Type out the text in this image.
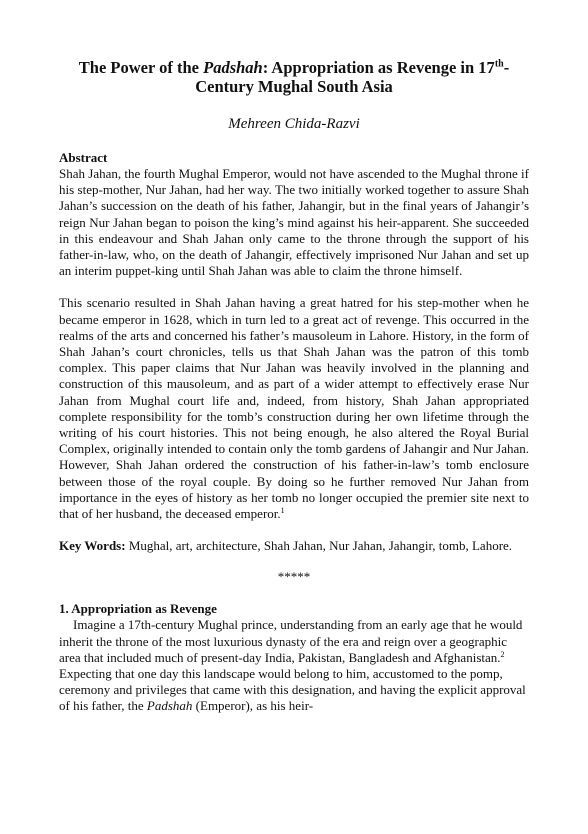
The Power of the Padshah: Appropriation as Revenge in 17th-Century Mughal South Asia
Mehreen Chida-Razvi
Abstract

Shah Jahan, the fourth Mughal Emperor, would not have ascended to the Mughal throne if his step-mother, Nur Jahan, had her way. The two initially worked together to assure Shah Jahan’s succession on the death of his father, Jahangir, but in the final years of Jahangir’s reign Nur Jahan began to poison the king’s mind against his heir-apparent. She succeeded in this endeavour and Shah Jahan only came to the throne through the support of his father-in-law, who, on the death of Jahangir, effectively imprisoned Nur Jahan and set up an interim puppet-king until Shah Jahan was able to claim the throne himself.

This scenario resulted in Shah Jahan having a great hatred for his step-mother when he became emperor in 1628, which in turn led to a great act of revenge. This occurred in the realms of the arts and concerned his father’s mausoleum in Lahore. History, in the form of Shah Jahan’s court chronicles, tells us that Shah Jahan was the patron of this tomb complex. This paper claims that Nur Jahan was heavily involved in the planning and construction of this mausoleum, and as part of a wider attempt to effectively erase Nur Jahan from Mughal court life and, indeed, from history, Shah Jahan appropriated complete responsibility for the tomb’s construction during her own lifetime through the writing of his court histories. This not being enough, he also altered the Royal Burial Complex, originally intended to contain only the tomb gardens of Jahangir and Nur Jahan. However, Shah Jahan ordered the construction of his father-in-law’s tomb enclosure between those of the royal couple. By doing so he further removed Nur Jahan from importance in the eyes of history as her tomb no longer occupied the premier site next to that of her husband, the deceased emperor.$^1$

Key Words: Mughal, art, architecture, Shah Jahan, Nur Jahan, Jahangir, tomb, Lahore.

*****
1. Appropriation as Revenge

Imagine a 17th-century Mughal prince, understanding from an early age that he would inherit the throne of the most luxurious dynasty of the era and reign over a geographic area that included much of present-day India, Pakistan, Bangladesh and Afghanistan.$^2$ Expecting that one day this landscape would belong to him, accustomed to the pomp, ceremony and privileges that came with this designation, and having the explicit approval of his father, the Padshah (Emperor), as his heir-
